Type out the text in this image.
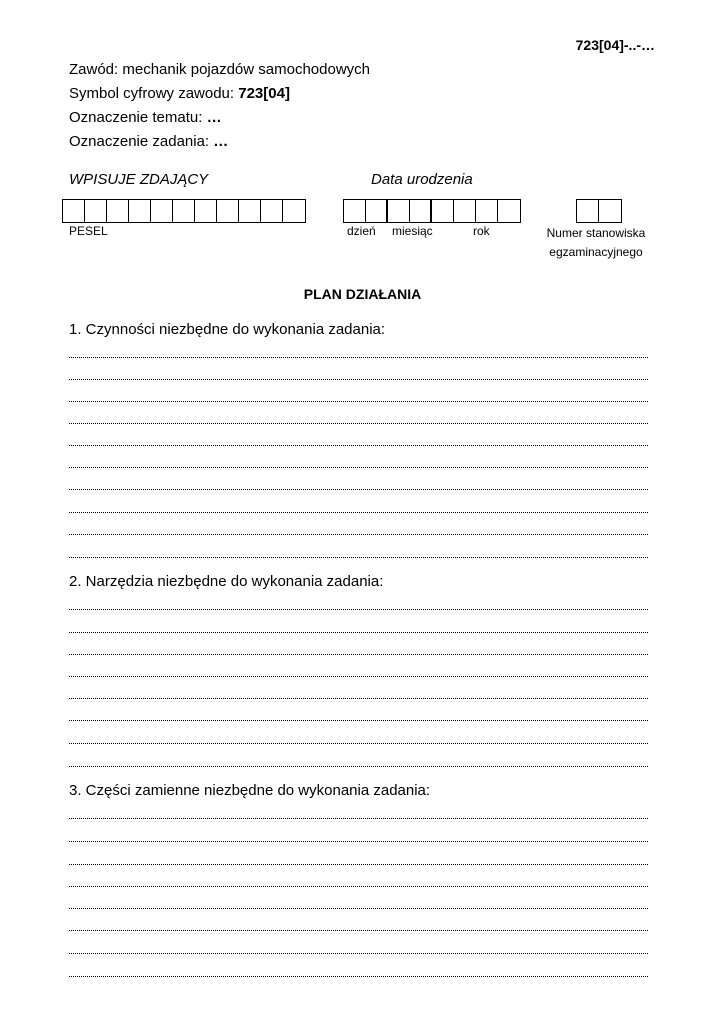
723[04]-..-…
Zawód: mechanik pojazdów samochodowych
Symbol cyfrowy zawodu: 723[04]
Oznaczenie tematu: …
Oznaczenie zadania: …
WPISUJE ZDAJĄCY	Data urodzenia
PESEL	dzień miesiąc	rok	Numer stanowiska
egzaminacyjnego
PLAN DZIAŁANIA
1. Czynności niezbędne do wykonania zadania:
2. Narzędzia niezbędne do wykonania zadania:
3. Części zamienne niezbędne do wykonania zadania:
